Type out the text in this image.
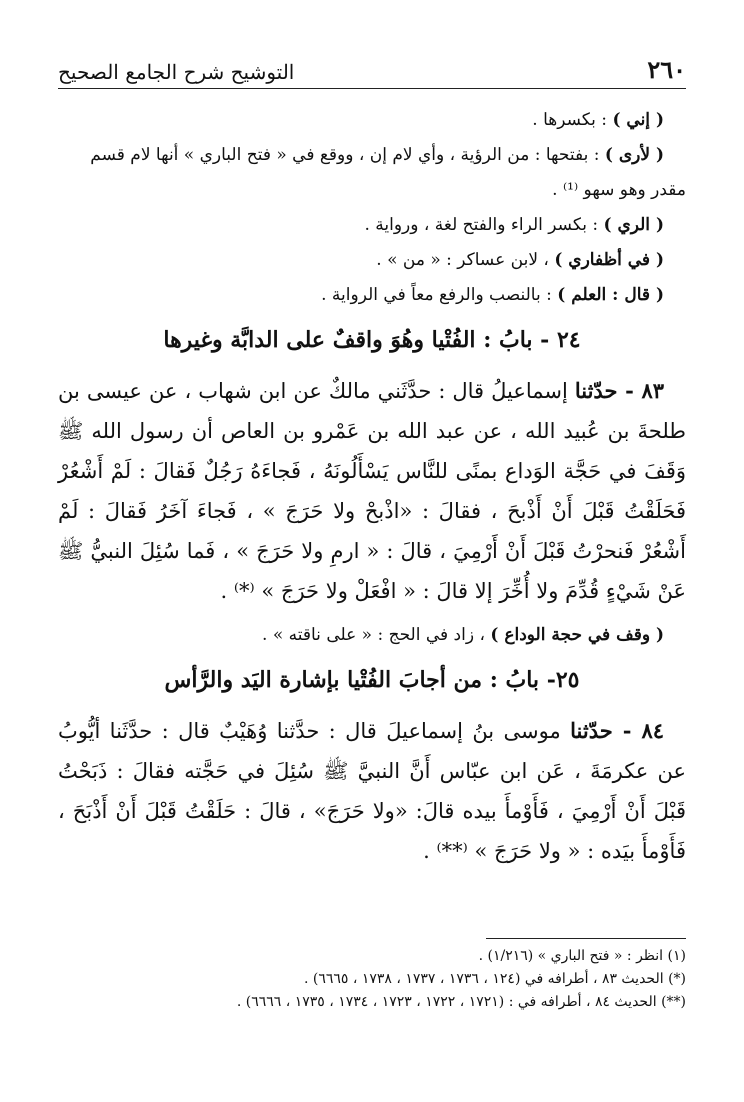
٢٦٠
التوشيح شرح الجامع الصحيح

( إني ) : بكسرها .

( لأرى ) : بفتحها : من الرؤية ، وأي لام إن ، ووقع في « فتح الباري » أنها لام قسم مقدر وهو سهو ⁽¹⁾ .

( الري ) : بكسر الراء والفتح لغة ، ورواية .

( في أظفاري ) ، لابن عساكر : « من » .

( قال : العلم ) : بالنصب والرفع معاً في الرواية .

٢٤ - بابُ : الفُتْيا وهُوَ واقفٌ على الدابَّة وغيرها

٨٣ - حدّثنا إسماعيلُ قال : حدَّثَني مالكٌ عن ابن شهاب ، عن عيسى بن طلحةَ بن عُبيد الله ، عن عبد الله بن عَمْرو بن العاص أن رسول الله ﷺ وَقَفَ في حَجَّة الوَداع بمنًى للنَّاس يَسْأَلُونَهُ ، فَجاءَهُ رَجُلٌ فَقالَ : لَمْ أَشْعُرْ فَحَلَقْتُ قَبْلَ أَنْ أَذْبحَ ، فقالَ : «اذْبحْ ولا حَرَجَ » ، فَجاءَ آخَرُ فَقالَ : لَمْ أَشْعُرْ فَنحرْتُ قَبْلَ أَنْ أَرْمِيَ ، قالَ : « ارمِ ولا حَرَجَ » ، فَما سُئِلَ النبيُّ ﷺ عَنْ شَيْءٍ قُدِّمَ ولا أُخِّرَ إلا قالَ : « افْعَلْ ولا حَرَجَ » ⁽*⁾ .

( وقف في حجة الوداع ) ، زاد في الحج : « على ناقته » .

٢٥- بابُ : من أجابَ الفُتْيا بإشارة اليَد والرَّأس

٨٤ - حدّثنا موسى بنُ إسماعيلَ قال : حدَّثنا وُهَيْبٌ قال : حدَّثَنا أيُّوبُ عن عكرمَةَ ، عَن ابن عبّاس أَنَّ النبيَّ ﷺ سُئِلَ في حَجَّته فقالَ : ذَبَحْتُ قَبْلَ أَنْ أَرْمِيَ ، فَأَوْمأَ بيده قالَ: «ولا حَرَجَ» ، قالَ : حَلَقْتُ قَبْلَ أَنْ أَذْبَحَ ، فَأَوْمأَ بيَده : « ولا حَرَجَ » ⁽**⁾ .

(١) انظر : « فتح الباري » (١/٢١٦) .

(*) الحديث ٨٣ ، أطرافه في (١٢٤ ، ١٧٣٦ ، ١٧٣٧ ، ١٧٣٨ ، ٦٦٦٥) .

(**) الحديث ٨٤ ، أطرافه في : (١٧٢١ ، ١٧٢٢ ، ١٧٢٣ ، ١٧٣٤ ، ١٧٣٥ ، ٦٦٦٦) .
